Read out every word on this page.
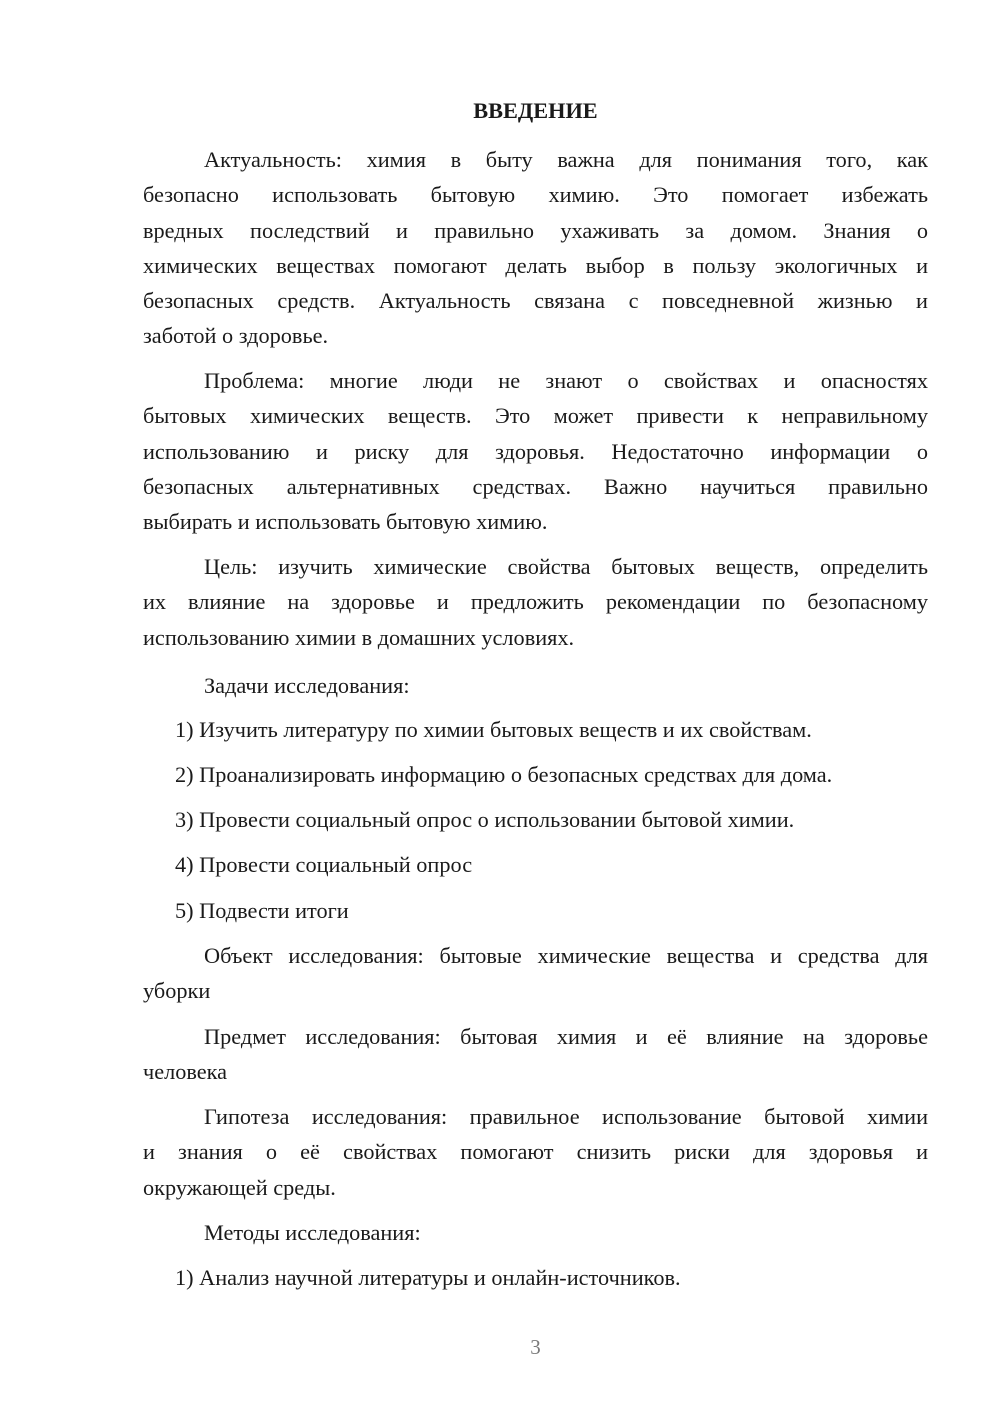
ВВЕДЕНИЕ
Актуальность: химия в быту важна для понимания того, как
безопасно использовать бытовую химию. Это помогает избежать
вредных последствий и правильно ухаживать за домом. Знания о
химических веществах помогают делать выбор в пользу экологичных и
безопасных средств. Актуальность связана с повседневной жизнью и
заботой о здоровье.
Проблема: многие люди не знают о свойствах и опасностях
бытовых химических веществ. Это может привести к неправильному
использованию и риску для здоровья. Недостаточно информации о
безопасных альтернативных средствах. Важно научиться правильно
выбирать и использовать бытовую химию.
Цель: изучить химические свойства бытовых веществ, определить
их влияние на здоровье и предложить рекомендации по безопасному
использованию химии в домашних условиях.

Задачи исследования:

1) Изучить литературу по химии бытовых веществ и их свойствам.

2) Проанализировать информацию о безопасных средствах для дома.

3) Провести социальный опрос о использовании бытовой химии.

4) Провести социальный опрос

5) Подвести итоги

Объект исследования: бытовые химические вещества и средства для
уборки
Предмет исследования: бытовая химия и её влияние на здоровье
человека
Гипотеза исследования: правильное использование бытовой химии
и знания о её свойствах помогают снизить риски для здоровья и
окружающей среды.

Методы исследования:

1) Анализ научной литературы и онлайн-источников.

3
